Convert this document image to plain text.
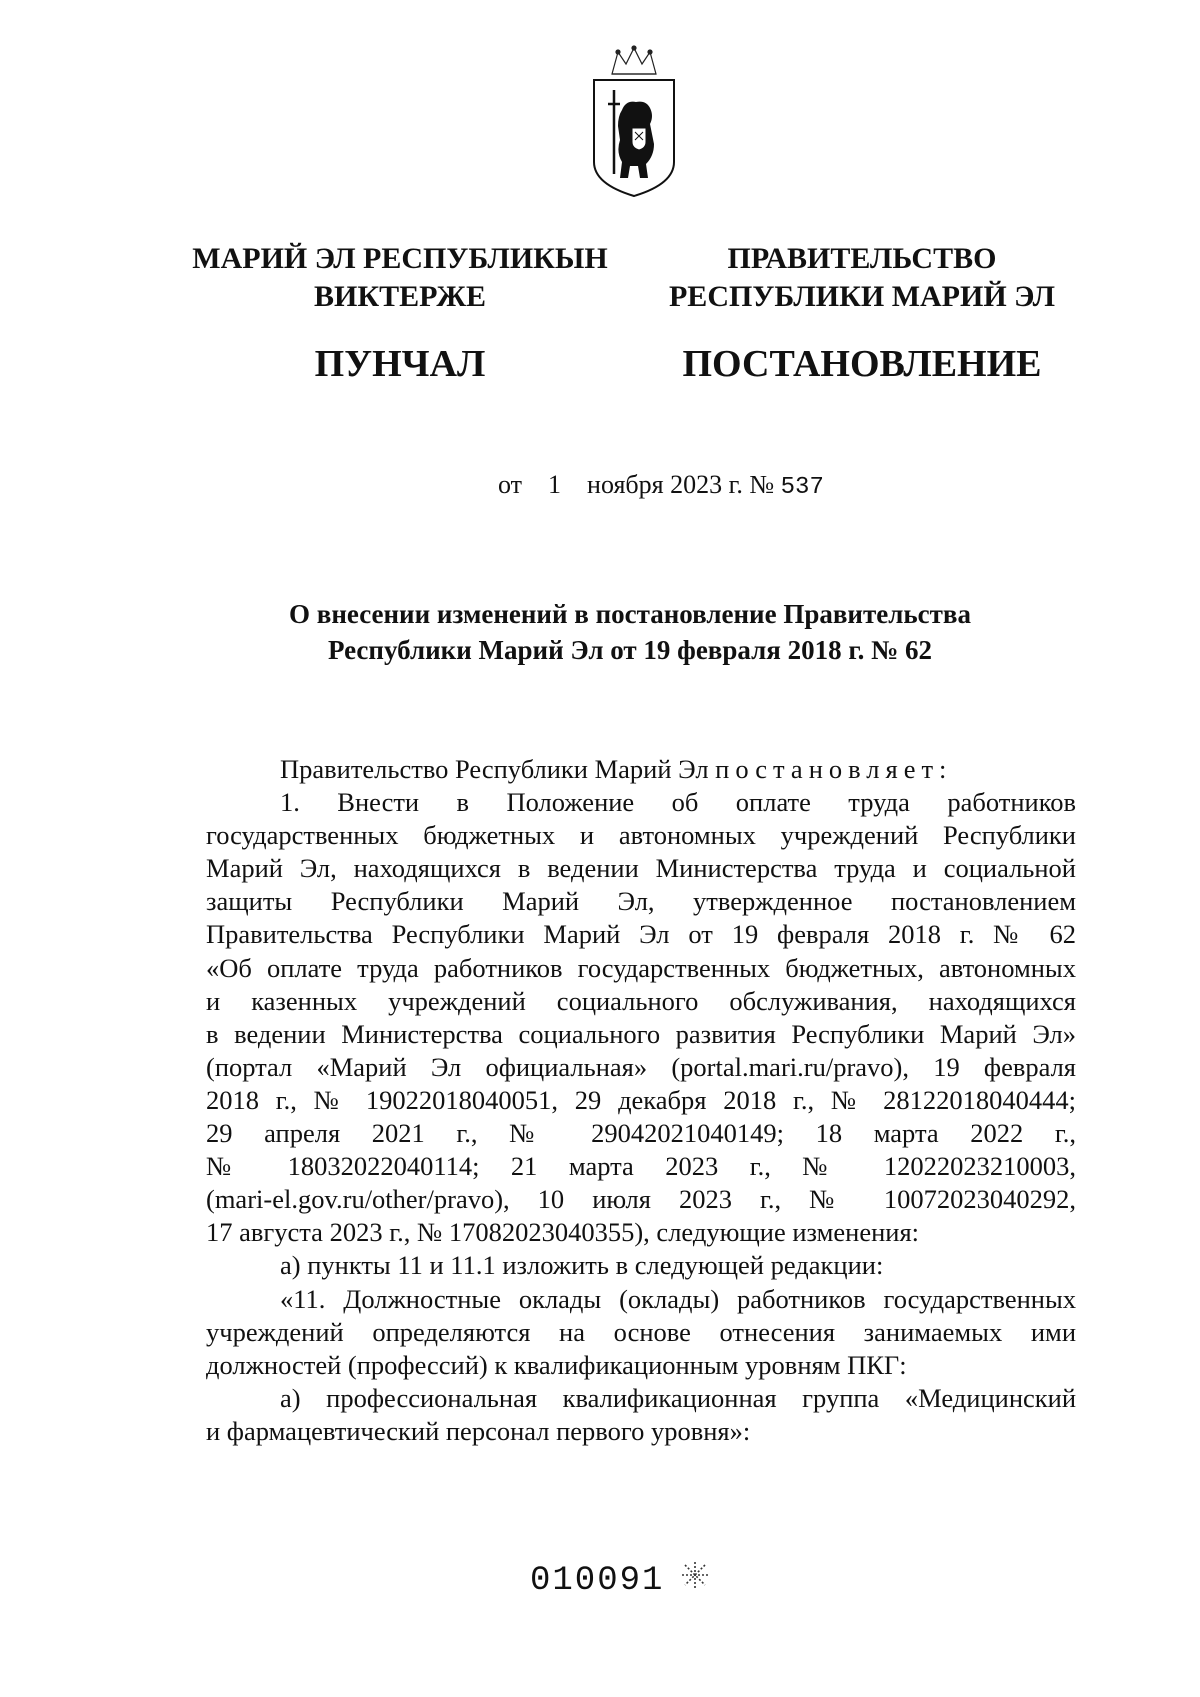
МАРИЙ ЭЛ РЕСПУБЛИКЫН
ВИКТЕРЖЕ
ПУНЧАЛ
ПРАВИТЕЛЬСТВО
РЕСПУБЛИКИ МАРИЙ ЭЛ
ПОСТАНОВЛЕНИЕ
от 1 ноября 2023 г. № 537
О внесении изменений в постановление Правительства
Республики Марий Эл от 19 февраля 2018 г. № 62

Правительство Республики Марий Эл постановляет:

1. Внести в Положение об оплате труда работников

государственных бюджетных и автономных учреждений Республики

Марий Эл, находящихся в ведении Министерства труда и социальной

защиты Республики Марий Эл, утвержденное постановлением

Правительства Республики Марий Эл от 19 февраля 2018 г. № 62

«Об оплате труда работников государственных бюджетных, автономных

и казенных учреждений социального обслуживания, находящихся

в ведении Министерства социального развития Республики Марий Эл»

(портал «Марий Эл официальная» (portal.mari.ru/pravo), 19 февраля

2018 г., № 19022018040051, 29 декабря 2018 г., № 28122018040444;

29 апреля 2021 г., № 29042021040149; 18 марта 2022 г.,

№ 18032022040114; 21 марта 2023 г., № 12022023210003,

(mari-el.gov.ru/other/pravo), 10 июля 2023 г., № 10072023040292,

17 августа 2023 г., № 17082023040355), следующие изменения:

а) пункты 11 и 11.1 изложить в следующей редакции:

«11. Должностные оклады (оклады) работников государственных

учреждений определяются на основе отнесения занимаемых ими

должностей (профессий) к квалификационным уровням ПКГ:

а) профессиональная квалификационная группа «Медицинский

и фармацевтический персонал первого уровня»:

010091
